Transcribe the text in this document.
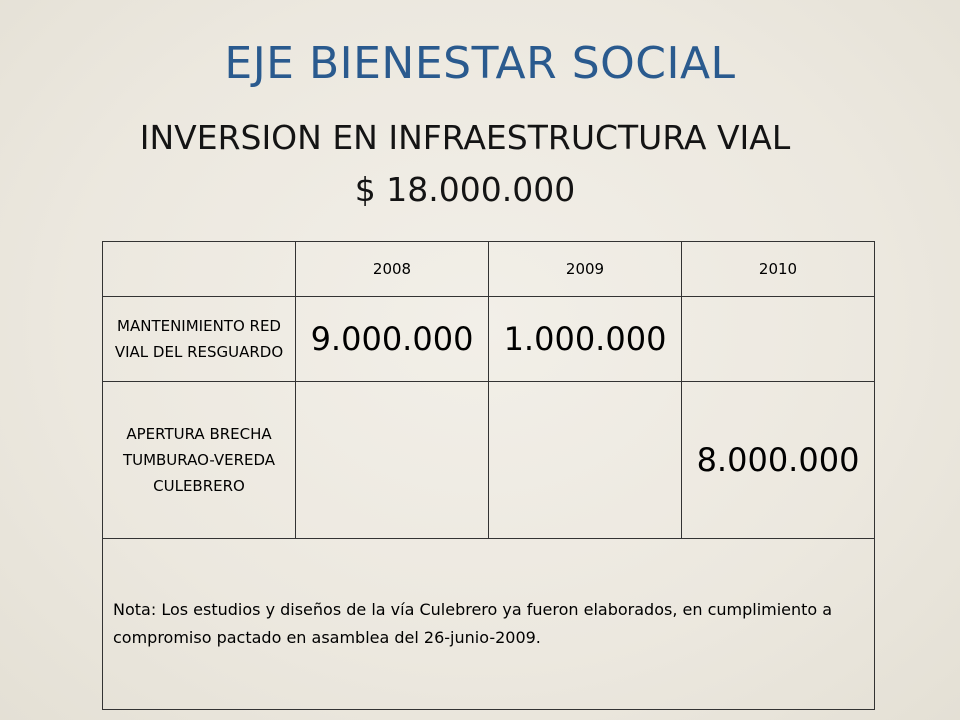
EJE BIENESTAR SOCIAL
INVERSION EN INFRAESTRUCTURA VIAL
$ 18.000.000
	2008	2009	2010
MANTENIMIENTO RED VIAL DEL RESGUARDO	9.000.000	1.000.000	
APERTURA BRECHA TUMBURAO-VEREDA CULEBRERO			8.000.000
Nota: Los estudios y diseños de la vía Culebrero ya fueron elaborados, en cumplimiento a compromiso pactado en asamblea del 26-junio-2009.			
